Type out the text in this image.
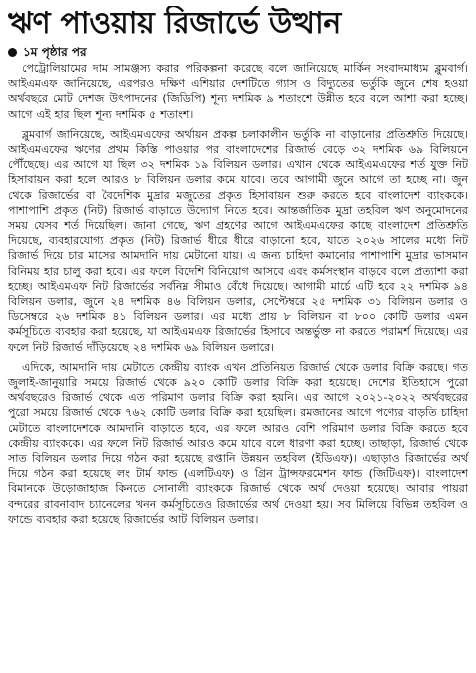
ঋণ পাওয়ায় রিজার্ভে উত্থান
১ম পৃষ্ঠার পর

পেট্রোলিয়ামের দাম সামঞ্জস্য করার পরিকল্পনা করেছে বলে জানিয়েছে মার্কিন সংবাদমাধ্যম ব্লুমবার্গ। আইএমএফ জানিয়েছে, এরপরও দক্ষিণ এশিয়ার দেশটিতে গ্যাস ও বিদ্যুতের ভর্তুকি জুনে শেষ হওয়া অর্থবছরে মোট দেশজ উৎপাদনের (জিডিপি) শূন্য দশমিক ৯ শতাংশে উন্নীত হবে বলে আশা করা হচ্ছে। আগে এই হার ছিল শূন্য দশমিক ৫ শতাংশ।

ব্লুমবার্গ জানিয়েছে, আইএমএফের অর্থায়ন প্রকল্প চলাকালীন ভর্তুকি না বাড়ানোর প্রতিশ্রুতি দিয়েছে। আইএমএফের ঋণের প্রথম কিস্তি পাওয়ার পর বাংলাদেশের রিজার্ভ বেড়ে ৩২ দশমিক ৬৯ বিলিয়নে পৌঁছেছে। এর আগে যা ছিল ৩২ দশমিক ১৯ বিলিয়ন ডলার। এখান থেকে আইএমএফের শর্ত যুক্ত নিট হিসাবায়ন করা হলে আরও ৮ বিলিয়ন ডলার কমে যাবে। তবে আগামী জুনে আগে তা হচ্ছে না। জুন থেকে রিজার্ভের বা বৈদেশিক মুদ্রার মজুতের প্রকৃত হিসাবায়ন শুরু করতে হবে বাংলাদেশ ব্যাংককে। পাশাপাশি প্রকৃত (নিট) রিজার্ভ বাড়াতে উদ্যোগ নিতে হবে। আন্তর্জাতিক মুদ্রা তহবিল ঋণ অনুমোদনের সময় যেসব শর্ত দিয়েছিল। জানা গেছে, ঋণ গ্রহণের আগে আইএমএফের কাছে বাংলাদেশ প্রতিশ্রুতি দিয়েছে, ব্যবহারযোগ্য প্রকৃত (নিট) রিজার্ভ ধীরে ধীরে বাড়ানো হবে, যাতে ২০২৬ সালের মধ্যে নিট রিজার্ভ দিয়ে চার মাসের আমদানি দায় মেটানো যায়। এ জন্য চাহিদা কমানোর পাশাপাশি মুদ্রার ভাসমান বিনিময় হার চালু করা হবে। এর ফলে বিদেশি বিনিয়োগ আসবে এবং কর্মসংস্থান বাড়বে বলে প্রত্যাশা করা হচ্ছে। আইএমএফ নিট রিজার্ভের সর্বনিম্ন সীমাও বেঁধে দিয়েছে। আগামী মার্চে এটি হবে ২২ দশমিক ৯৪ বিলিয়ন ডলার, জুনে ২৪ দশমিক ৪৬ বিলিয়ন ডলার, সেপ্টেম্বরে ২৫ দশমিক ৩১ বিলিয়ন ডলার ও ডিসেম্বরে ২৬ দশমিক ৪১ বিলিয়ন ডলার। এর মধ্যে প্রায় ৮ বিলিয়ন বা ৮০০ কোটি ডলার এমন কর্মসূচিতে ব্যবহার করা হয়েছে, যা আইএমএফ রিজার্ভের হিসাবে অন্তর্ভুক্ত না করতে পরামর্শ দিয়েছে। এর ফলে নিট রিজার্ভ দাঁড়িয়েছে ২৪ দশমিক ৬৯ বিলিয়ন ডলারে।

এদিকে, আমদানি দায় মেটাতে কেন্দ্রীয় ব্যাংক এখন প্রতিনিয়ত রিজার্ভ থেকে ডলার বিক্রি করছে। গত জুলাই-জানুয়ারি সময়ে রিজার্ভ থেকে ৯২০ কোটি ডলার বিক্রি করা হয়েছে। দেশের ইতিহাসে পুরো অর্থবছরেও রিজার্ভ থেকে এত পরিমাণ ডলার বিক্রি করা হয়নি। এর আগে ২০২১-২০২২ অর্থবছরের পুরো সময়ে রিজার্ভ থেকে ৭৬২ কোটি ডলার বিক্রি করা হয়েছিল। রমজানের আগে পণ্যের বাড়তি চাহিদা মেটাতে বাংলাদেশকে আমদানি বাড়াতে হবে, এর ফলে আরও বেশি পরিমাণ ডলার বিক্রি করতে হবে কেন্দ্রীয় ব্যাংককে। এর ফলে নিট রিজার্ভ আরও কমে যাবে বলে ধারণা করা হচ্ছে। তাছাড়া, রিজার্ভ থেকে সাত বিলিয়ন ডলার দিয়ে গঠন করা হয়েছে রপ্তানি উন্নয়ন তহবিল (ইডিএফ)। এছাড়াও রিজার্ভের অর্থ দিয়ে গঠন করা হয়েছে লং টার্ম ফান্ড (এলটিএফ) ও গ্রিন ট্রান্সফরমেশন ফান্ড (জিটিএফ)। বাংলাদেশ বিমানকে উড়োজাহাজ কিনতে সোনালী ব্যাংককে রিজার্ভ থেকে অর্থ দেওয়া হয়েছে। আবার পায়রা বন্দরের রাবনাবাদ চ্যানেলের খনন কর্মসূচিতেও রিজার্ভের অর্থ দেওয়া হয়। সব মিলিয়ে বিভিন্ন তহবিল ও ফান্ডে ব্যবহার করা হয়েছে রিজার্ভের আট বিলিয়ন ডলার।
